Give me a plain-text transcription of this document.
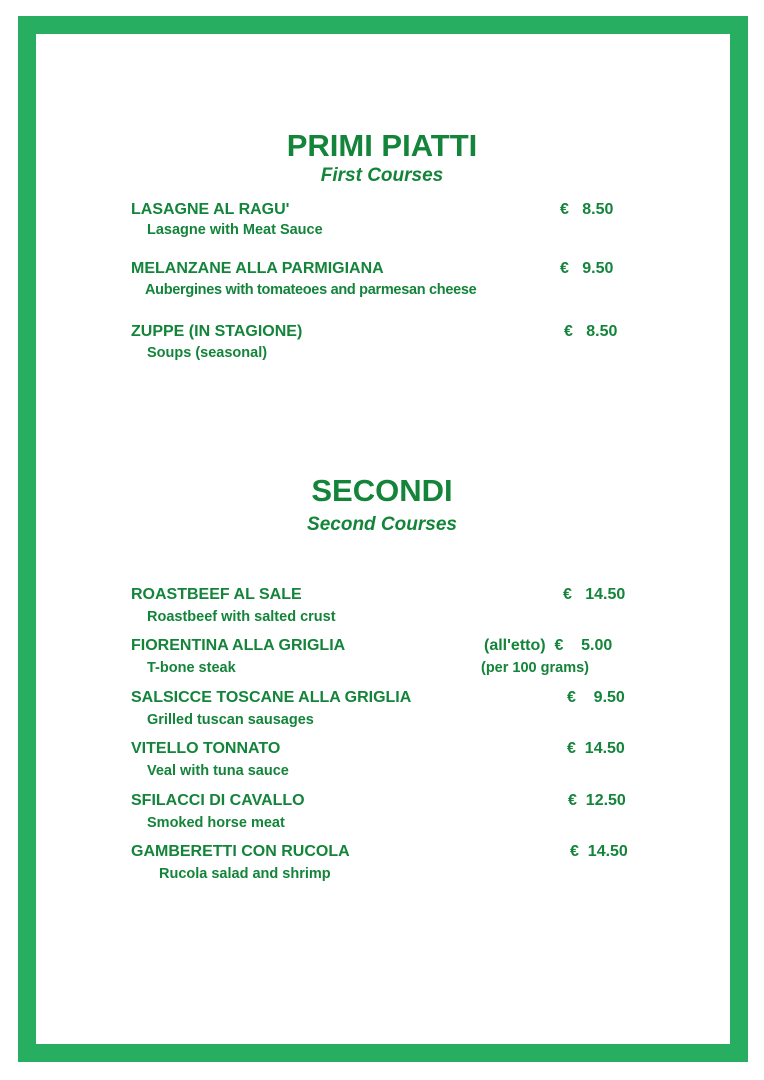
PRIMI PIATTI
First Courses
LASAGNE AL RAGU'	€   8.50
Lasagne with Meat Sauce
MELANZANE ALLA PARMIGIANA	€   9.50
Aubergines with tomateoes and parmesan cheese
ZUPPE (IN STAGIONE)	€   8.50
Soups (seasonal)
SECONDI
Second Courses
ROASTBEEF AL SALE	€   14.50
Roastbeef with salted crust
FIORENTINA ALLA GRIGLIA	(all'etto)  €    5.00
T-bone steak	(per 100 grams)
SALSICCE TOSCANE ALLA GRIGLIA	€    9.50
Grilled tuscan sausages
VITELLO TONNATO	€  14.50
Veal with tuna sauce
SFILACCI DI CAVALLO	€  12.50
Smoked horse meat
GAMBERETTI CON RUCOLA	€  14.50
Rucola salad and shrimp
